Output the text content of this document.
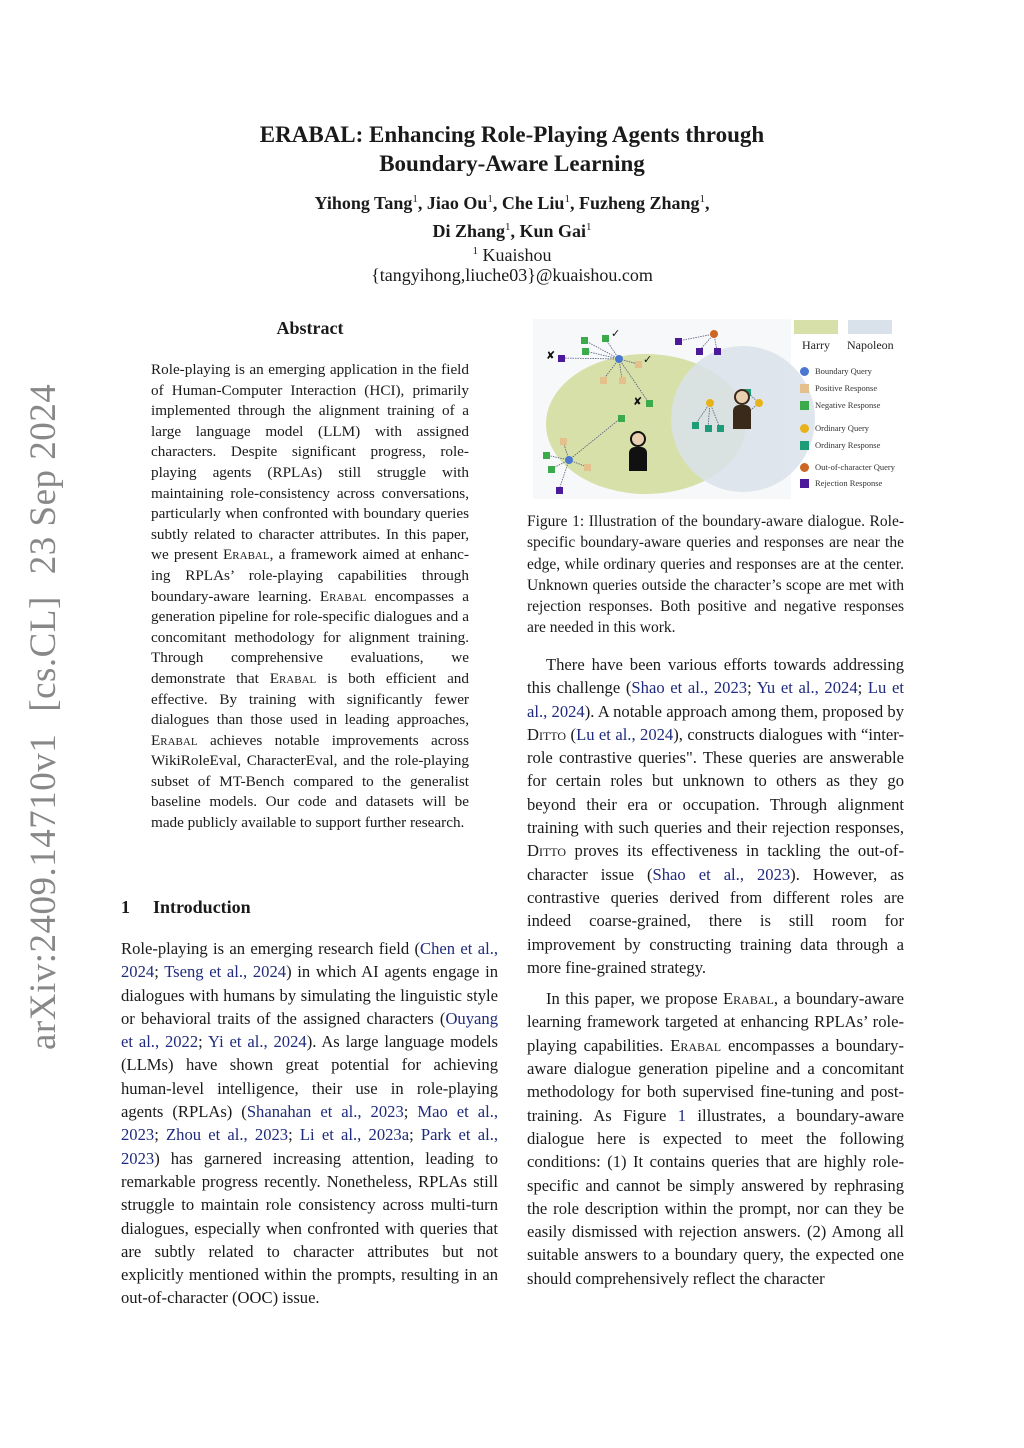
arXiv:2409.14710v1[cs.CL]23 Sep 2024
ERABAL: Enhancing Role-Playing Agents through
Boundary-Aware Learning
Yihong Tang$^1$, Jiao Ou$^1$, Che Liu$^1$, Fuzheng Zhang$^1$,
Di Zhang$^1$, Kun Gai$^1$
$^1$ Kuaishou
{tangyihong,liuche03}@kuaishou.com
Abstract
Role-playing is an emerging application in the field of Human-Computer Interaction (HCI), primarily implemented through the alignment training of a large language model (LLM) with assigned characters. Despite significant progress, role-playing agents (RPLAs) still struggle with maintaining role-consistency across conversations, particularly when confronted with boundary queries subtly related to character attributes. In this paper, we present Erabal, a framework aimed at enhancing RPLAs’ role-playing capabilities through boundary-aware learning. Erabal encompasses a generation pipeline for role-specific dialogues and a concomitant methodology for alignment training. Through comprehensive evaluations, we demonstrate that Erabal is both efficient and effective. By training with significantly fewer dialogues than those used in leading approaches, Erabal achieves notable improvements across WikiRoleEval, CharacterEval, and the role-playing subset of MT-Bench compared to the generalist baseline models. Our code and datasets will be made publicly available to support further research.
1 Introduction
Role-playing is an emerging research field (Chen et al., 2024; Tseng et al., 2024) in which AI agents engage in dialogues with humans by simulating the linguistic style or behavioral traits of the assigned characters (Ouyang et al., 2022; Yi et al., 2024). As large language models (LLMs) have shown great potential for achieving human-level intelligence, their use in role-playing agents (RPLAs) (Shanahan et al., 2023; Mao et al., 2023; Zhou et al., 2023; Li et al., 2023a; Park et al., 2023) has garnered increasing attention, leading to remarkable progress recently. Nonetheless, RPLAs still struggle to maintain role consistency across multi-turn dialogues, especially when confronted with queries that are subtly related to character attributes but not explicitly mentioned within the prompts, resulting in an out-of-character (OOC) issue.
✓
✓
✘
✘
Harry Napoleon
Boundary Query
Positive Response
Negative Response
Ordinary Query
Ordinary Response
Out-of-character Query
Rejection Response
Figure 1: Illustration of the boundary-aware dialogue. Role-specific boundary-aware queries and responses are near the edge, while ordinary queries and responses are at the center. Unknown queries outside the character’s scope are met with rejection responses. Both positive and negative responses are needed in this work.

There have been various efforts towards addressing this challenge (Shao et al., 2023; Yu et al., 2024; Lu et al., 2024). A notable approach among them, proposed by Ditto (Lu et al., 2024), constructs dialogues with “inter-role contrastive queries". These queries are answerable for certain roles but unknown to others as they go beyond their era or occupation. Through alignment training with such queries and their rejection responses, Ditto proves its effectiveness in tackling the out-of-character issue (Shao et al., 2023). However, as contrastive queries derived from different roles are indeed coarse-grained, there is still room for improvement by constructing training data through a more fine-grained strategy.

In this paper, we propose Erabal, a boundary-aware learning framework targeted at enhancing RPLAs’ role-playing capabilities. Erabal encompasses a boundary-aware dialogue generation pipeline and a concomitant methodology for both supervised fine-tuning and post-training. As Figure 1 illustrates, a boundary-aware dialogue here is expected to meet the following conditions: (1) It contains queries that are highly role-specific and cannot be simply answered by rephrasing the role description within the prompt, nor can they be easily dismissed with rejection answers. (2) Among all suitable answers to a boundary query, the expected one should comprehensively reflect the character
